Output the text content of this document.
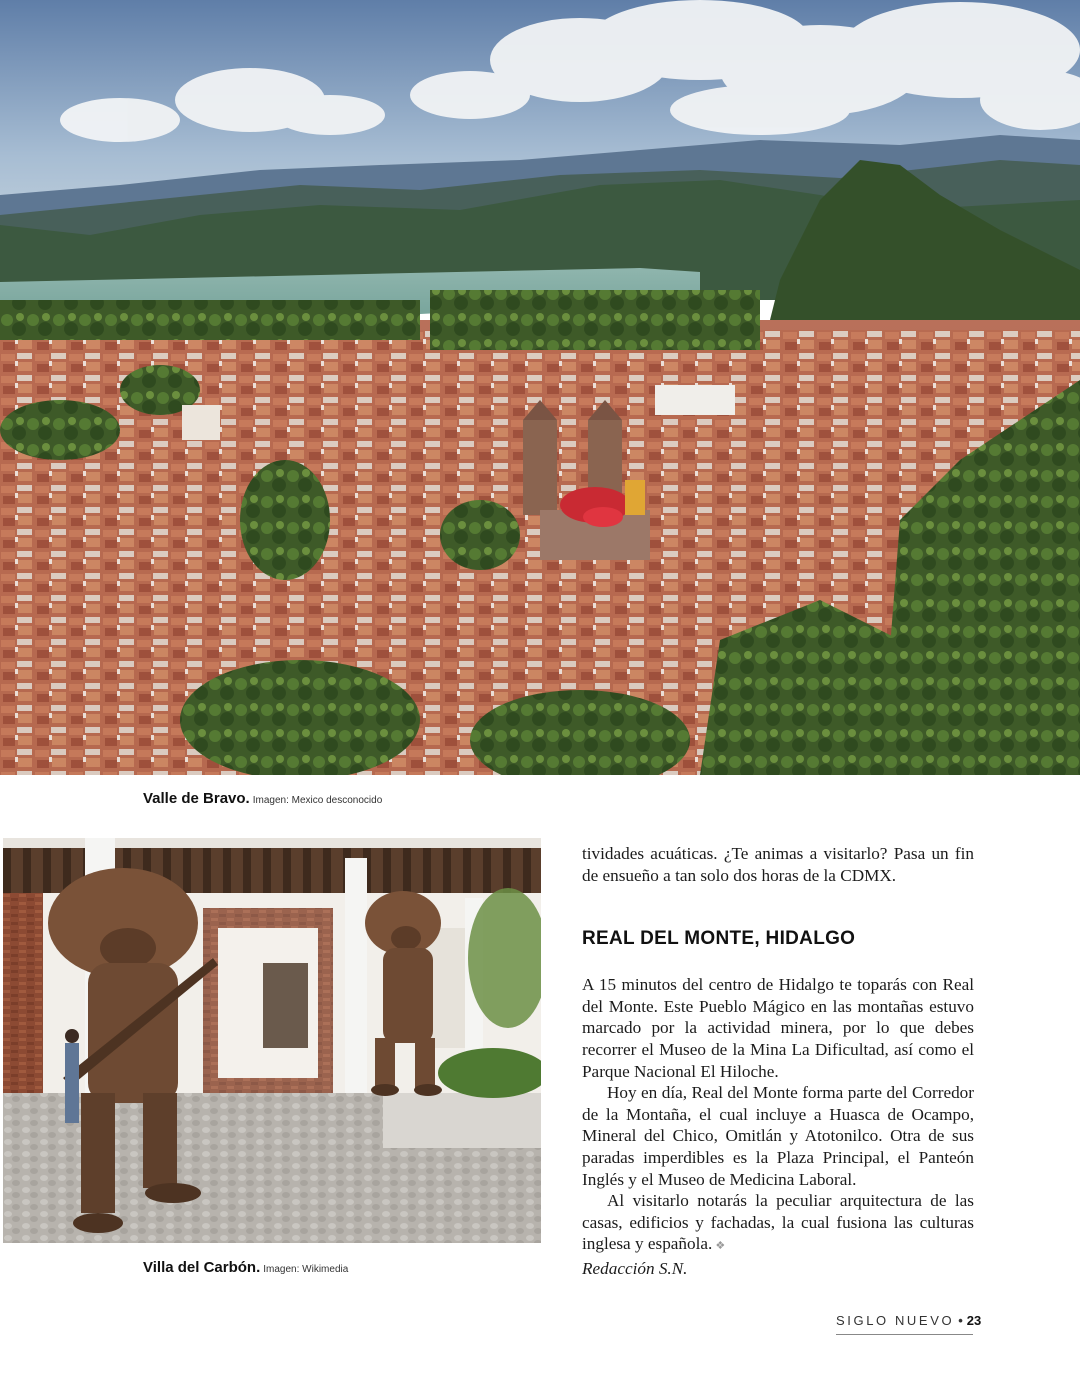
Valle de Bravo. Imagen: Mexico desconocido
Villa del Carbón. Imagen: Wikimedia

tividades acuáticas. ¿Te animas a visitarlo? Pasa un fin de ensueño a tan solo dos horas de la CDMX.

REAL DEL MONTE, HIDALGO

A 15 minutos del centro de Hidalgo te toparás con Real del Monte. Este Pueblo Mágico en las montañas estuvo marcado por la actividad minera, por lo que debes recorrer el Museo de la Mina La Dificultad, así como el Parque Nacional El Hiloche.

Hoy en día, Real del Monte forma parte del Corredor de la Montaña, el cual incluye a Huasca de Ocampo, Mineral del Chico, Omitlán y Atotonilco. Otra de sus paradas imperdibles es la Plaza Principal, el Panteón Inglés y el Museo de Medicina Laboral.

Al visitarlo notarás la peculiar arquitectura de las casas, edificios y fachadas, la cual fusiona las culturas inglesa y española. ❖

Redacción S.N.

SIGLO NUEVO • 23
